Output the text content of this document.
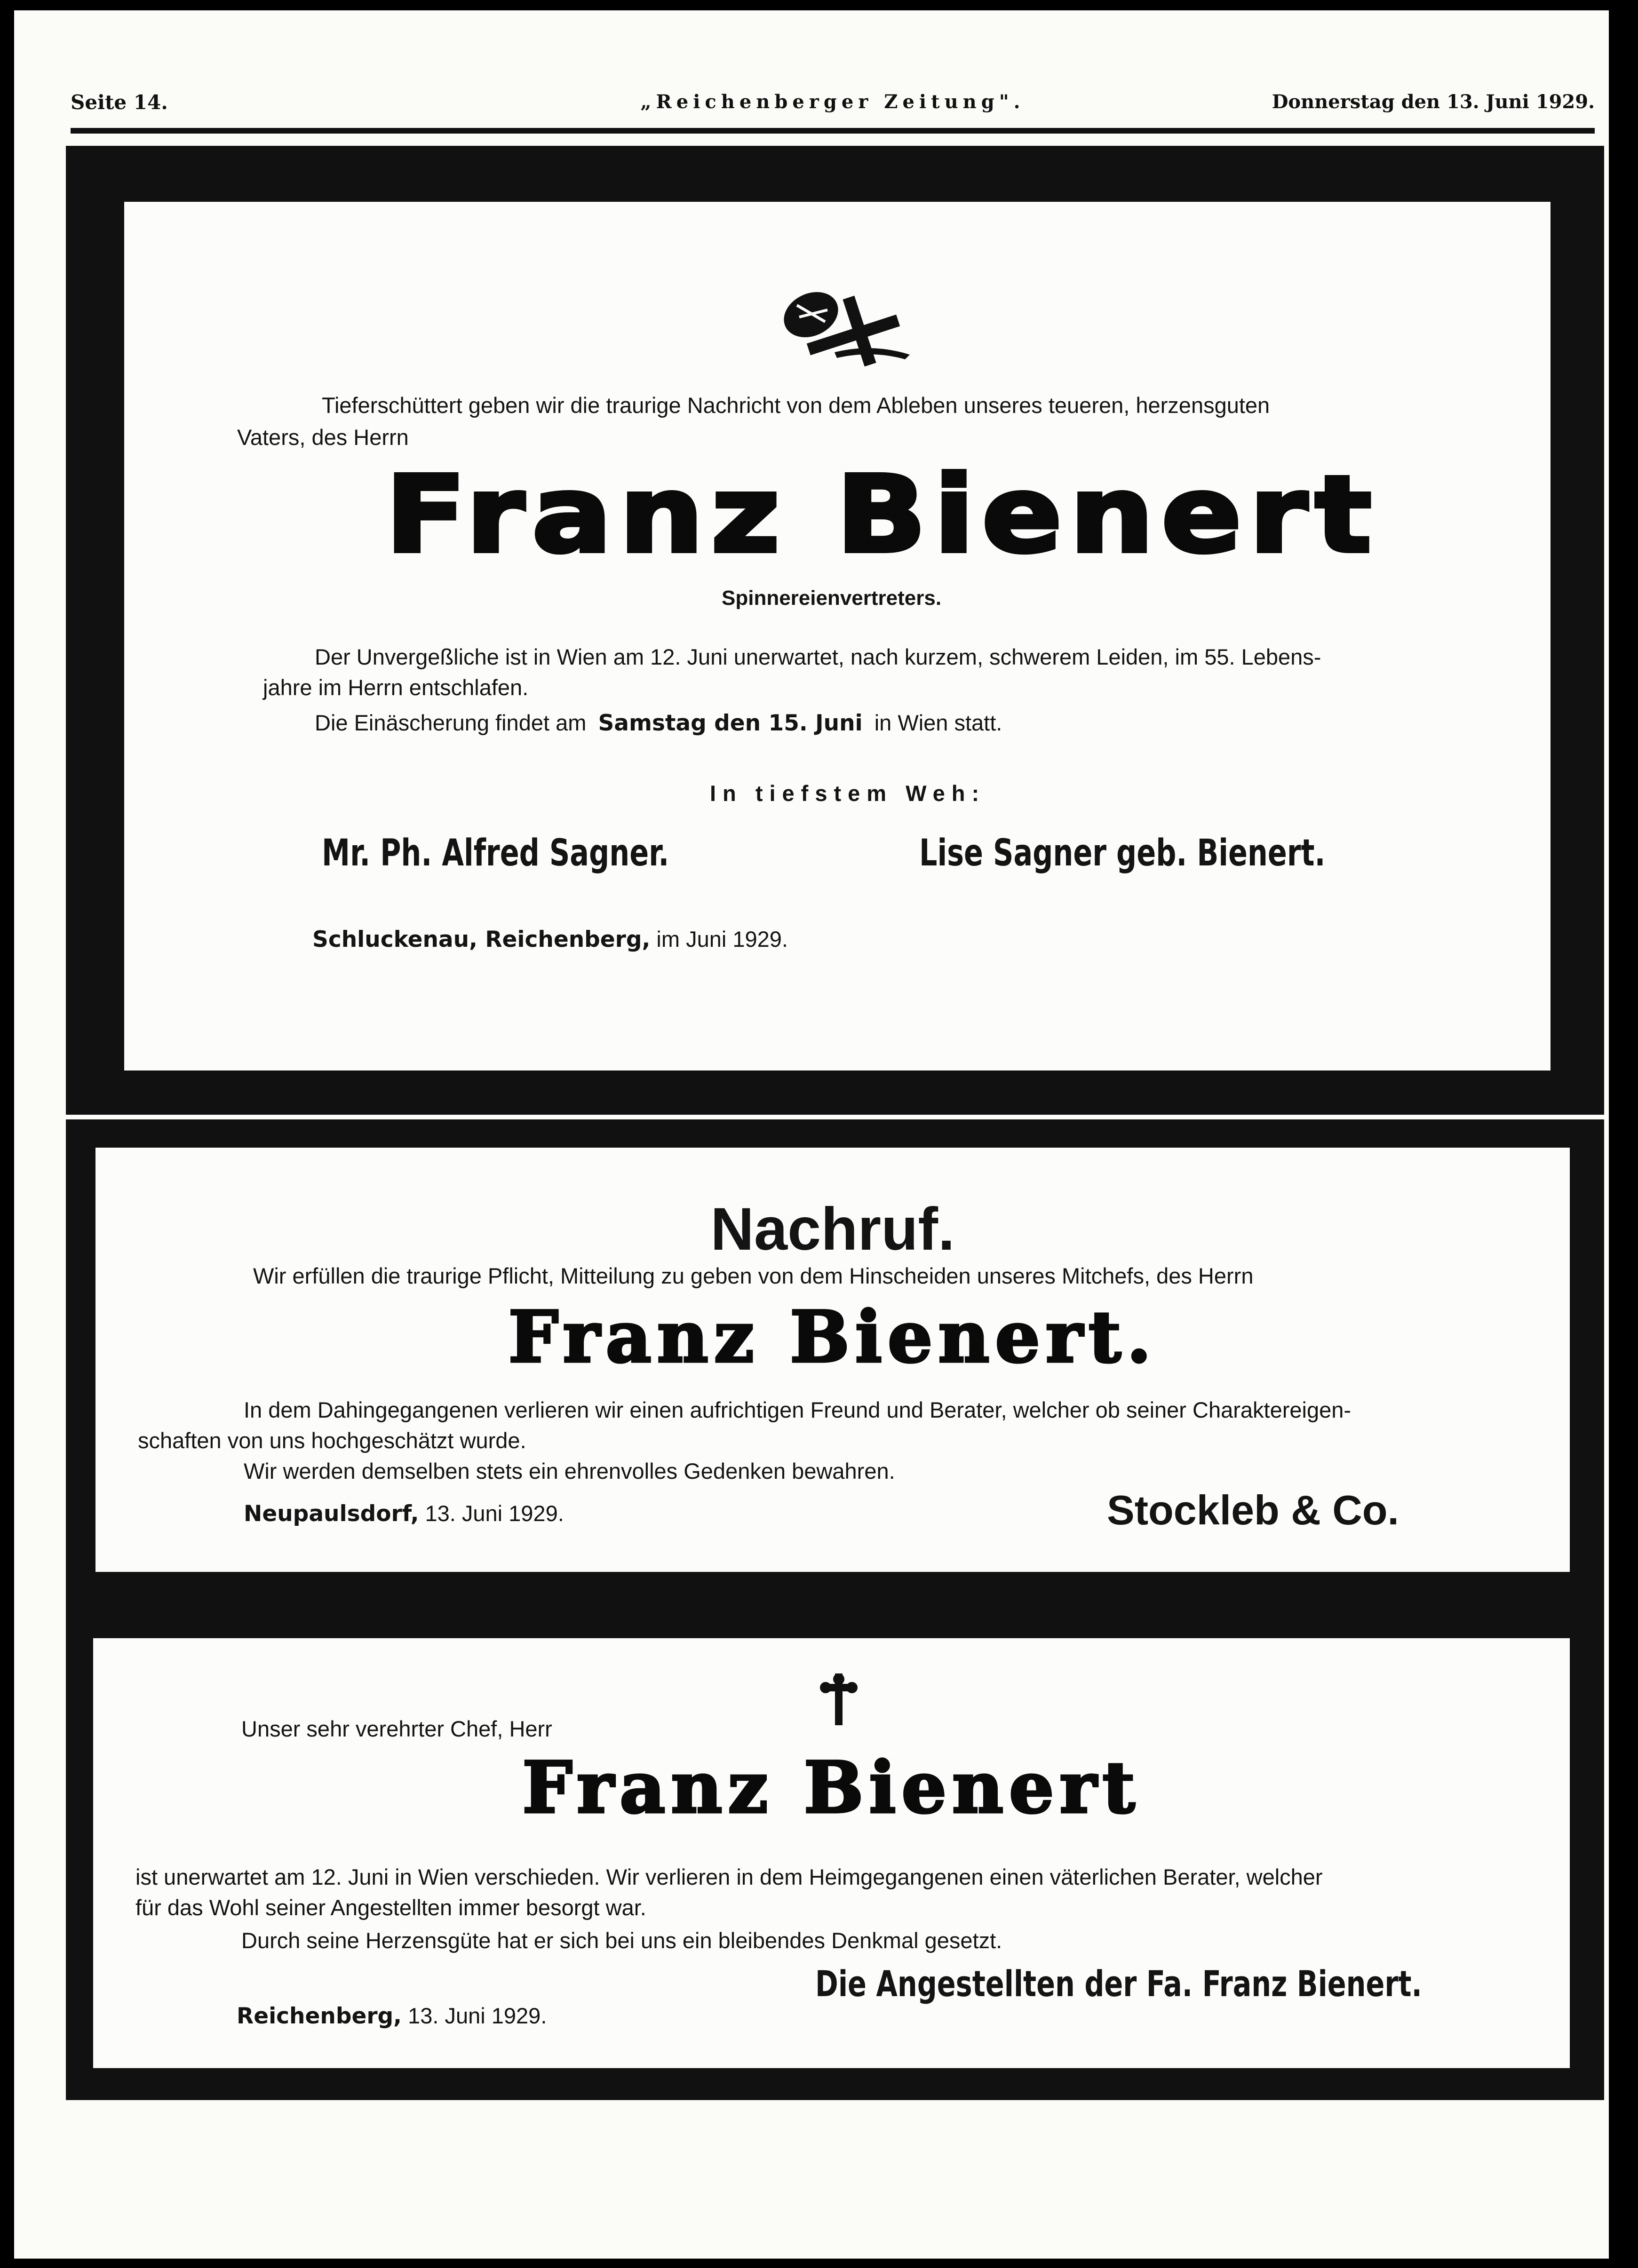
Seite 14.	„Reichenberger Zeitung".	Donnerstag den 13. Juni 1929.
Tieferschüttert geben wir die traurige Nachricht von dem Ableben unseres teueren, herzensguten
Vaters, des Herrn
Franz Bienert
Spinnereienvertreters.
Der Unvergeßliche ist in Wien am 12. Juni unerwartet, nach kurzem, schwerem Leiden, im 55. Lebens-
jahre im Herrn entschlafen.
Die Einäscherung findet am Samstag den 15. Juni in Wien statt.
In tiefstem Weh:
Mr. Ph. Alfred Sagner.	Lise Sagner geb. Bienert.
Schluckenau, Reichenberg, im Juni 1929.
Nachruf.
Wir erfüllen die traurige Pflicht, Mitteilung zu geben von dem Hinscheiden unseres Mitchefs, des Herrn
Franz Bienert.
In dem Dahingegangenen verlieren wir einen aufrichtigen Freund und Berater, welcher ob seiner Charaktereigen-
schaften von uns hochgeschätzt wurde.
Wir werden demselben stets ein ehrenvolles Gedenken bewahren.
Neupaulsdorf, 13. Juni 1929.	Stockleb & Co.
Unser sehr verehrter Chef, Herr
Franz Bienert
ist unerwartet am 12. Juni in Wien verschieden. Wir verlieren in dem Heimgegangenen einen väterlichen Berater, welcher
für das Wohl seiner Angestellten immer besorgt war.
Durch seine Herzensgüte hat er sich bei uns ein bleibendes Denkmal gesetzt.
Die Angestellten der Fa. Franz Bienert.
Reichenberg, 13. Juni 1929.
